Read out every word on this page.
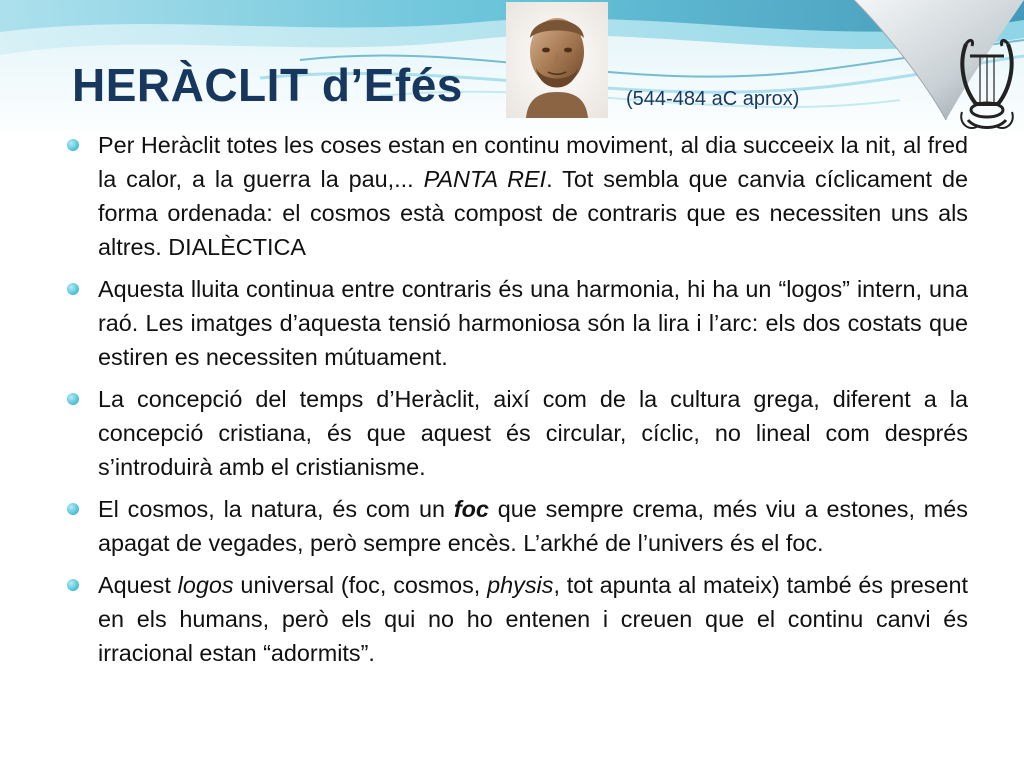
HERÀCLIT d’Efés	(544-484 aC aprox)
Per Heràclit totes les coses estan en continu moviment, al dia succeeix la nit, al fred la calor, a la guerra la pau,... PANTA REI. Tot sembla que canvia cíclicament de forma ordenada: el cosmos està compost de contraris que es necessiten uns als altres. DIALÈCTICA
Aquesta lluita continua entre contraris és una harmonia, hi ha un “logos” intern, una raó. Les imatges d’aquesta tensió harmoniosa són la lira i l’arc: els dos costats que estiren es necessiten mútuament.
La concepció del temps d’Heràclit, així com de la cultura grega, diferent a la concepció cristiana, és que aquest és circular, cíclic, no lineal com després s’introduirà amb el cristianisme.
El cosmos, la natura, és com un foc que sempre crema, més viu a estones, més apagat de vegades, però sempre encès. L’arkhé de l’univers és el foc.
Aquest logos universal (foc, cosmos, physis, tot apunta al mateix) també és present en els humans, però els qui no ho entenen i creuen que el continu canvi és irracional estan “adormits”.
